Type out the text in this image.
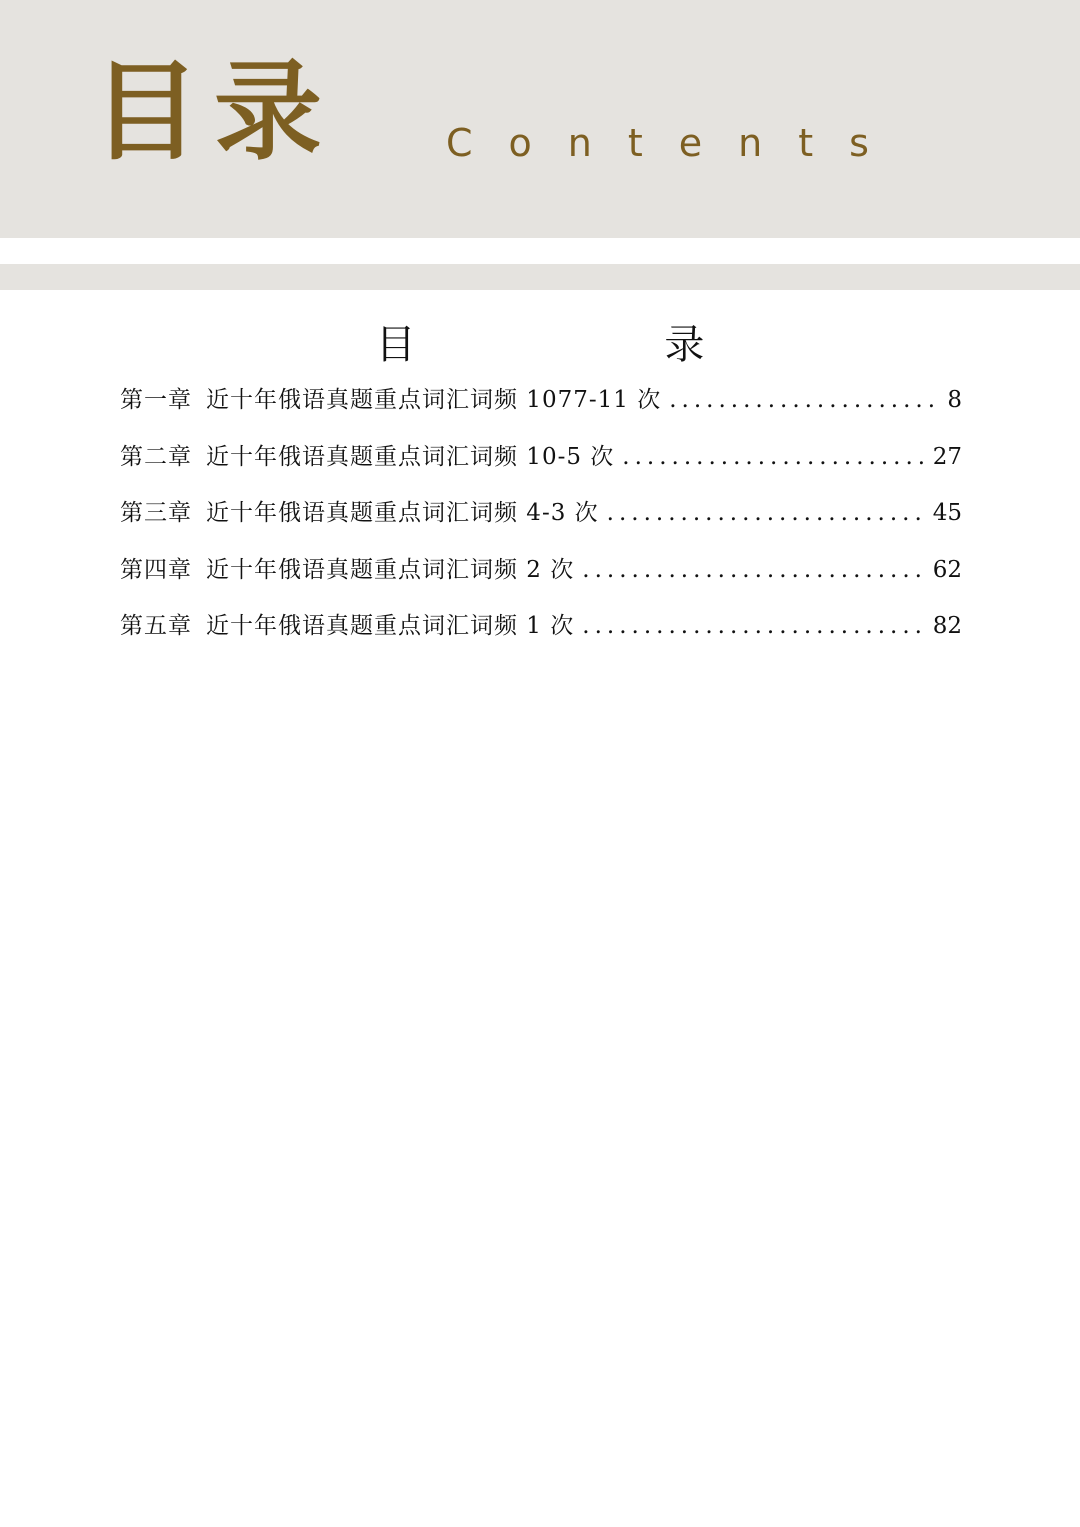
目录	Contents
目 录
第一章 近十年俄语真题重点词汇词频 1077-11 次 .....	8
第二章 近十年俄语真题重点词汇词频 10-5 次 .....	27
第三章 近十年俄语真题重点词汇词频 4-3 次 .....	45
第四章 近十年俄语真题重点词汇词频 2 次 .....	62
第五章 近十年俄语真题重点词汇词频 1 次 .....	82
